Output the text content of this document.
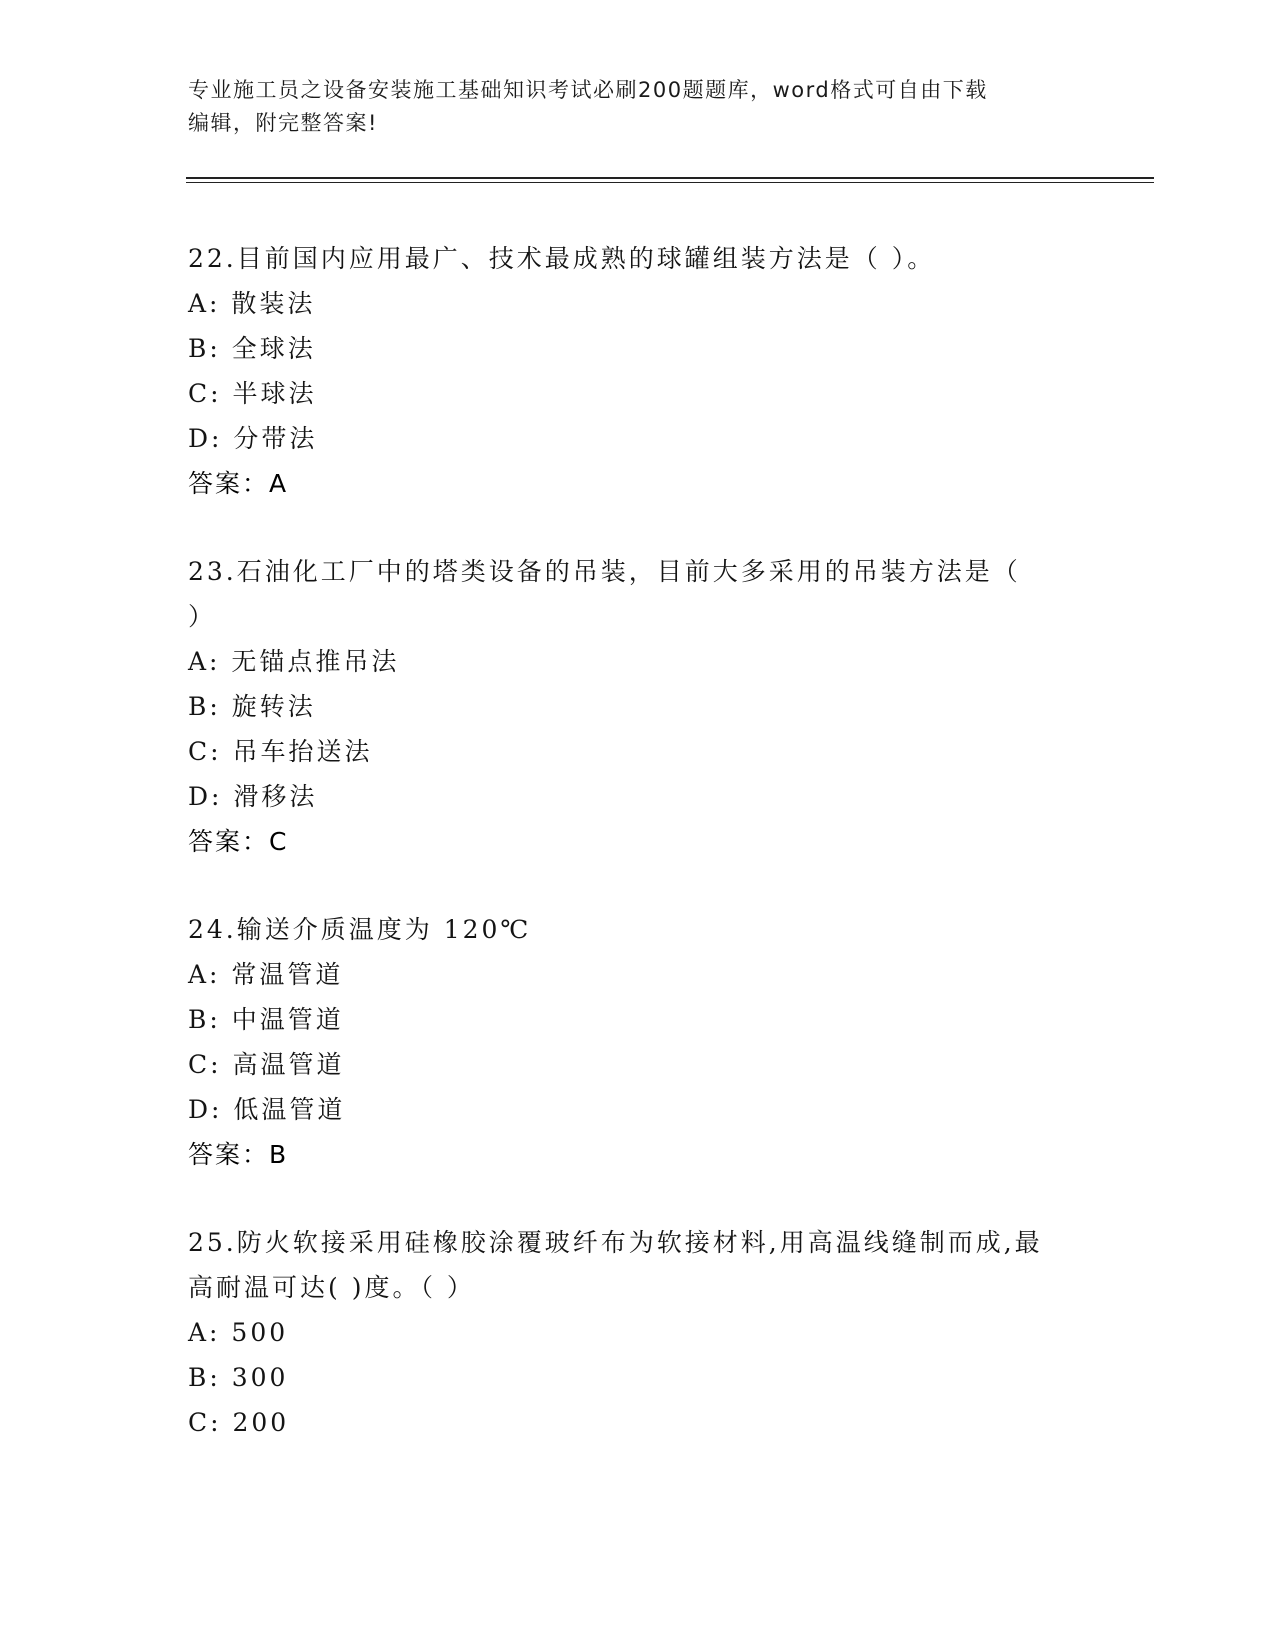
专业施工员之设备安装施工基础知识考试必刷200题题库，word格式可自由下载
编辑，附完整答案!
22.目前国内应用最广、技术最成熟的球罐组装方法是（ ）。
A: 散装法
B: 全球法
C: 半球法
D: 分带法
答案：A
23.石油化工厂中的塔类设备的吊装，目前大多采用的吊装方法是（
）
A: 无锚点推吊法
B: 旋转法
C: 吊车抬送法
D: 滑移法
答案：C
24.输送介质温度为 120℃
A: 常温管道
B: 中温管道
C: 高温管道
D: 低温管道
答案：B
25.防火软接采用硅橡胶涂覆玻纤布为软接材料,用高温线缝制而成,最
高耐温可达( )度。（ ）
A: 500
B: 300
C: 200
